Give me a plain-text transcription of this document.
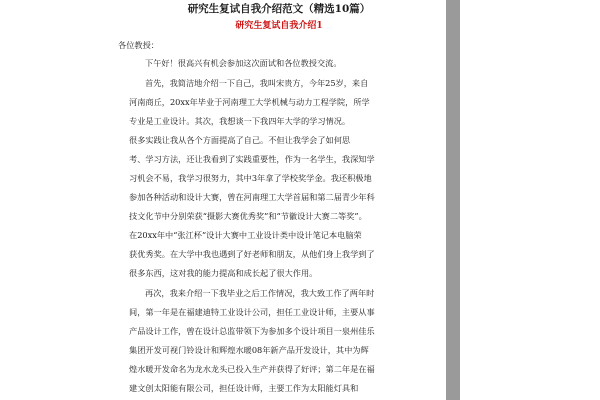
研究生复试自我介绍范文（精选10篇）
研究生复试自我介绍1
各位教授：
下午好！很高兴有机会参加这次面试和各位教授交流。
首先，我简洁地介绍一下自己，我叫宋贵方，今年25岁，来自
河南商丘，20xx年毕业于河南理工大学机械与动力工程学院，所学
专业是工业设计。其次，我想谈一下我四年大学的学习情况。
很多实践让我从各个方面提高了自己。不但让我学会了如何思
考、学习方法，还让我看到了实践重要性，作为一名学生，我深知学
习机会不易，我学习很努力，其中3年拿了学校奖学金。我还积极地
参加各种活动和设计大赛，曾在河南理工大学首届和第二届青少年科
技文化节中分别荣获“摄影大赛优秀奖”和“节徽设计大赛二等奖”。
在20xx年中“张江杯”设计大赛中工业设计类中设计笔记本电脑荣
获优秀奖。在大学中我也遇到了好老师和朋友，从他们身上我学到了
很多东西，这对我的能力提高和成长起了很大作用。
再次，我来介绍一下我毕业之后工作情况，我大致工作了两年时
间，第一年是在福建迪特工业设计公司，担任工业设计师，主要从事
产品设计工作，曾在设计总监带领下为参加多个设计项目一泉州佳乐
集团开发可视门铃设计和辉煌水暖08年新产品开发设计，其中为辉
煌水暖开发命名为龙水龙头已投入生产并获得了好评；第二年是在福
建文创太阳能有限公司，担任设计师，主要工作为太阳能灯具和
